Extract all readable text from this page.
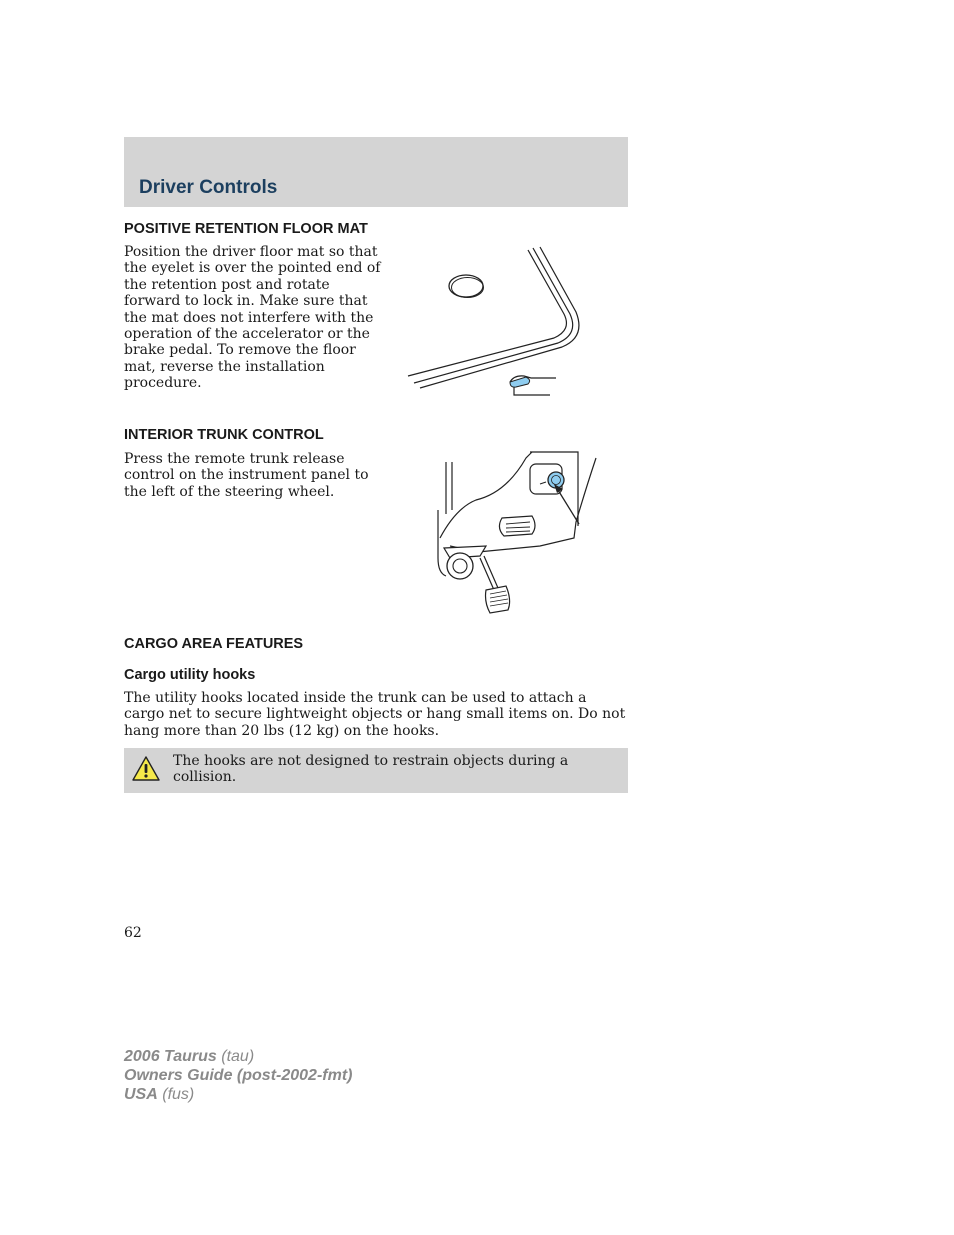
Driver Controls
POSITIVE RETENTION FLOOR MAT

Position the driver floor mat so that the eyelet is over the pointed end of the retention post and rotate forward to lock in. Make sure that the mat does not interfere with the operation of the accelerator or the brake pedal. To remove the floor mat, reverse the installation procedure.

INTERIOR TRUNK CONTROL

Press the remote trunk release control on the instrument panel to the left of the steering wheel.

CARGO AREA FEATURES
Cargo utility hooks

The utility hooks located inside the trunk can be used to attach a cargo net to secure lightweight objects or hang small items on. Do not hang more than 20 lbs (12 kg) on the hooks.

The hooks are not designed to restrain objects during a collision.

62
2006 Taurus (tau)
Owners Guide (post-2002-fmt)
USA (fus)
